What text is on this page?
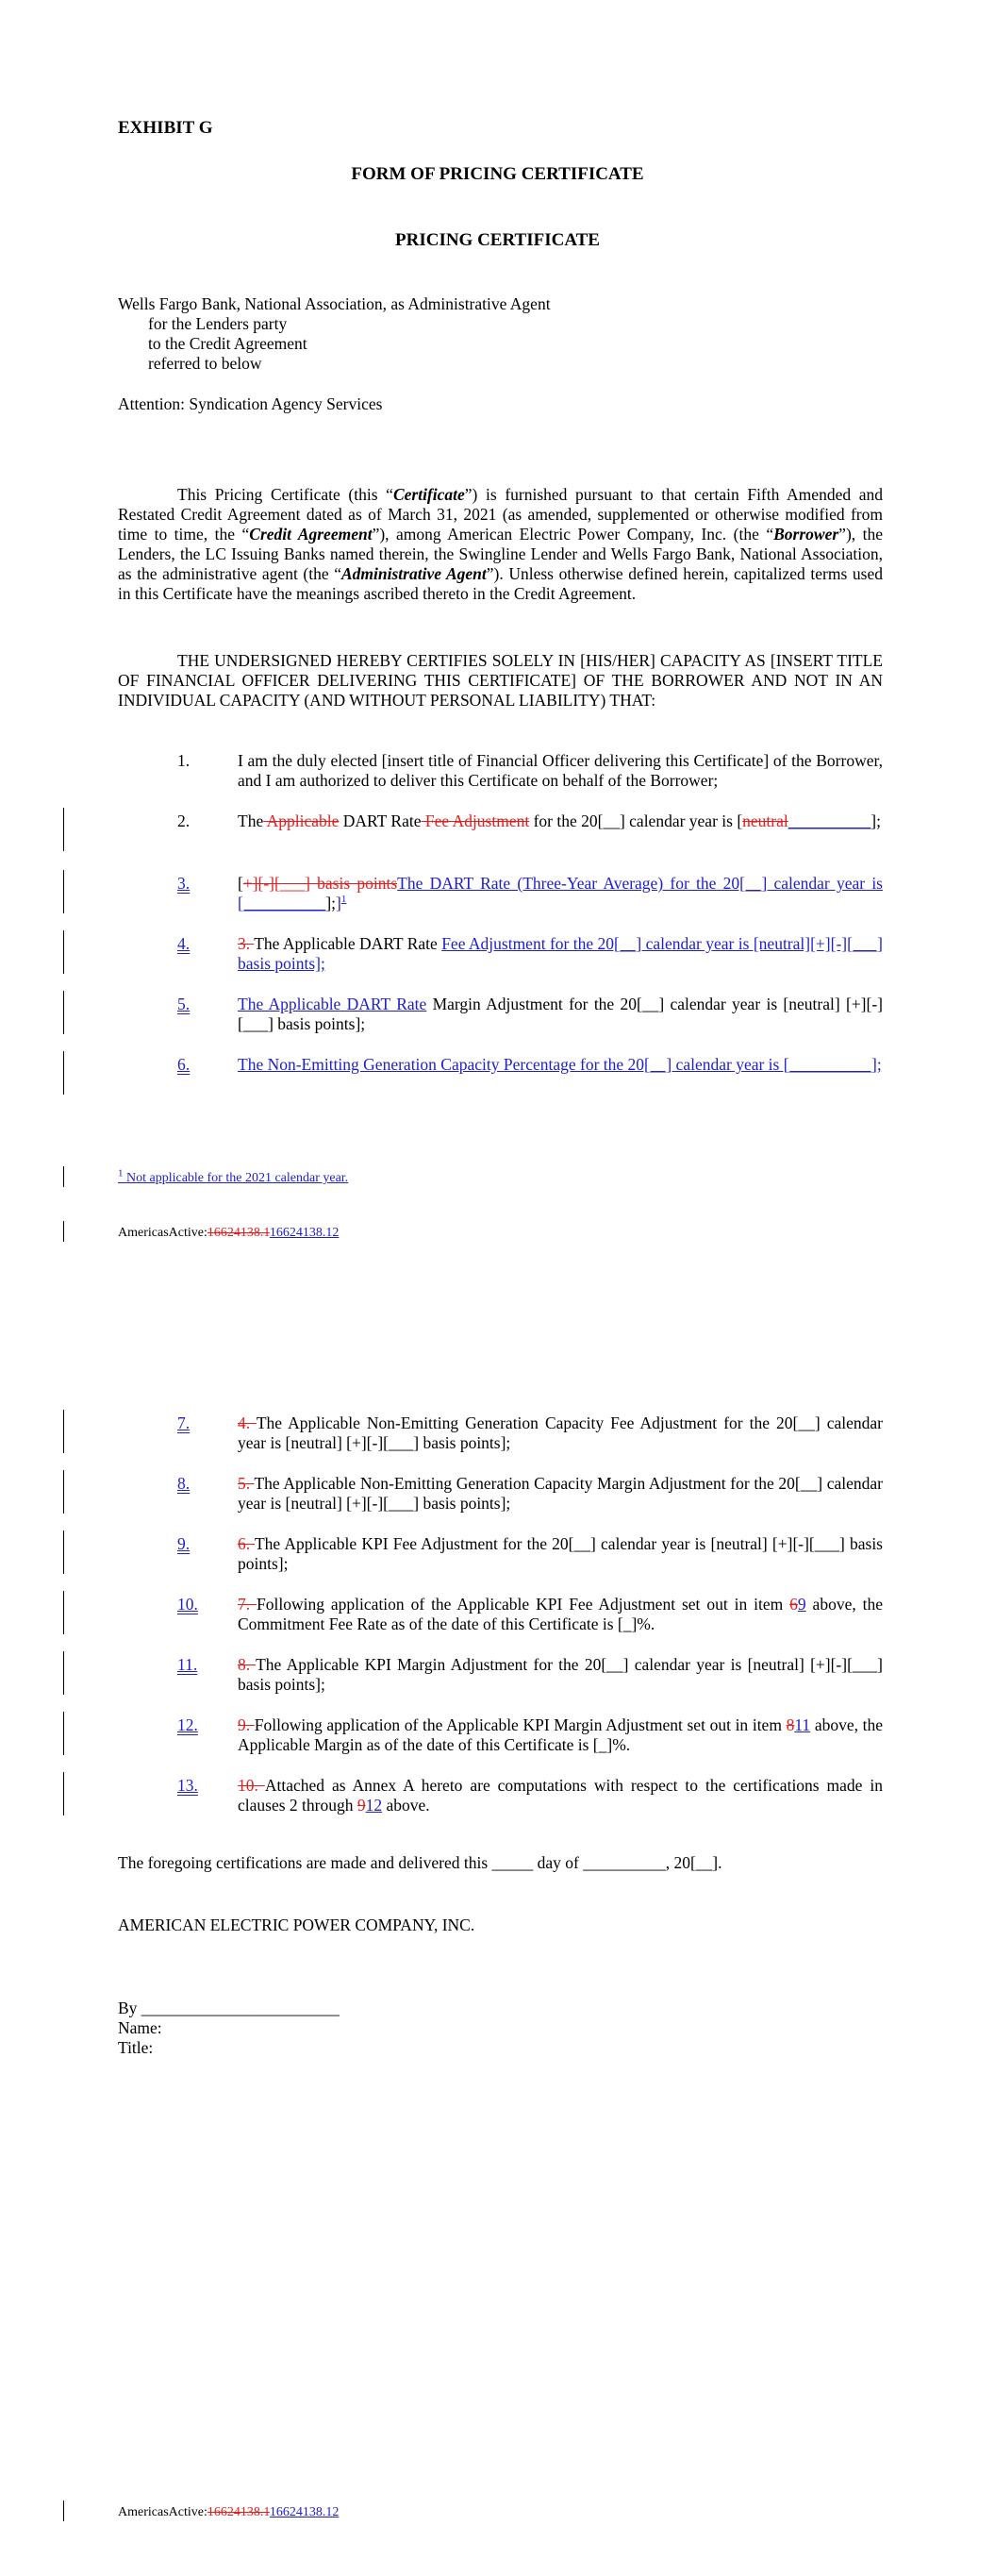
EXHIBIT G
FORM OF PRICING CERTIFICATE
PRICING CERTIFICATE
Wells Fargo Bank, National Association, as Administrative Agent
for the Lenders party
to the Credit Agreement
referred to below
Attention: Syndication Agency Services
This Pricing Certificate (this “Certificate”) is furnished pursuant to that certain Fifth Amended and Restated Credit Agreement dated as of March 31, 2021 (as amended, supplemented or otherwise modified from time to time, the “Credit Agreement”), among American Electric Power Company, Inc. (the “Borrower”), the Lenders, the LC Issuing Banks named therein, the Swingline Lender and Wells Fargo Bank, National Association, as the administrative agent (the “Administrative Agent”). Unless otherwise defined herein, capitalized terms used in this Certificate have the meanings ascribed thereto in the Credit Agreement.
THE UNDERSIGNED HEREBY CERTIFIES SOLELY IN [HIS/HER] CAPACITY AS [INSERT TITLE OF FINANCIAL OFFICER DELIVERING THIS CERTIFICATE] OF THE BORROWER AND NOT IN AN INDIVIDUAL CAPACITY (AND WITHOUT PERSONAL LIABILITY) THAT:
1.	I am the duly elected [insert title of Financial Officer delivering this Certificate] of the Borrower, and I am authorized to deliver this Certificate on behalf of the Borrower;
2.	The Applicable DART Rate Fee Adjustment for the 20[__] calendar year is [neutral__________];
3.	[+][-][___] basis pointsThe DART Rate (Three-Year Average) for the 20[__] calendar year is [__________];]$^1$
4.	3. The Applicable DART Rate Fee Adjustment for the 20[__] calendar year is [neutral][+][-][___] basis points];
5.	The Applicable DART Rate Margin Adjustment for the 20[__] calendar year is [neutral] [+][-][___] basis points];
6.	The Non-Emitting Generation Capacity Percentage for the 20[__] calendar year is [__________];
$^1$ Not applicable for the 2021 calendar year.
AmericasActive:16624138.116624138.12
7.	4. The Applicable Non-Emitting Generation Capacity Fee Adjustment for the 20[__] calendar year is [neutral] [+][-][___] basis points];
8.	5. The Applicable Non-Emitting Generation Capacity Margin Adjustment for the 20[__] calendar year is [neutral] [+][-][___] basis points];
9.	6. The Applicable KPI Fee Adjustment for the 20[__] calendar year is [neutral] [+][-][___] basis points];
10. 7. Following application of the Applicable KPI Fee Adjustment set out in item 69 above, the Commitment Fee Rate as of the date of this Certificate is [_]%.
11. 8. The Applicable KPI Margin Adjustment for the 20[__] calendar year is [neutral] [+][-][___] basis points];
12. 9. Following application of the Applicable KPI Margin Adjustment set out in item 811 above, the Applicable Margin as of the date of this Certificate is [_]%.
13. 10. Attached as Annex A hereto are computations with respect to the certifications made in clauses 2 through 912 above.
The foregoing certifications are made and delivered this _____ day of __________, 20[__].
AMERICAN ELECTRIC POWER COMPANY, INC.
By ________________________
Name:
Title:
AmericasActive:16624138.116624138.12
